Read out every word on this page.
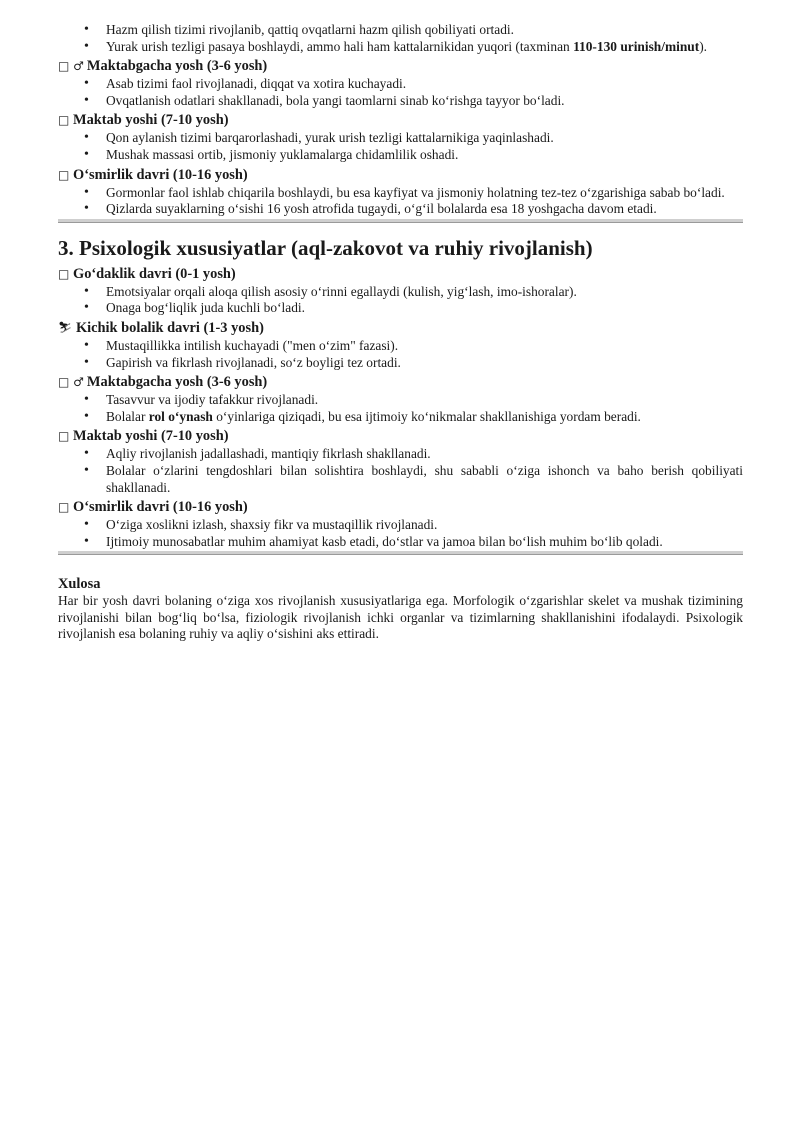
• Hazm qilish tizimi rivojlanib, qattiq ovqatlarni hazm qilish qobiliyati ortadi.
• Yurak urish tezligi pasaya boshlaydi, ammo hali ham kattalarnikidan yuqori (taxminan 110-130 urinish/minut).
□ ♂ Maktabgacha yosh (3-6 yosh)
• Asab tizimi faol rivojlanadi, diqqat va xotira kuchayadi.
• Ovqatlanish odatlari shakllanadi, bola yangi taomlarni sinab koʻrishga tayyor boʻladi.
□ Maktab yoshi (7-10 yosh)
• Qon aylanish tizimi barqarorlashadi, yurak urish tezligi kattalarnikiga yaqinlashadi.
• Mushak massasi ortib, jismoniy yuklamalarga chidamlilik oshadi.
□ Oʻsmirlik davri (10-16 yosh)
• Gormonlar faol ishlab chiqarila boshlaydi, bu esa kayfiyat va jismoniy holatning tez-tez oʻzgarishiga sabab boʻladi.
• Qizlarda suyaklarning oʻsishi 16 yosh atrofida tugaydi, oʻgʻil bolalarda esa 18 yoshgacha davom etadi.
3. Psixologik xususiyatlar (aql-zakovot va ruhiy rivojlanish)
□ Goʻdaklik davri (0-1 yosh)
• Emotsiyalar orqali aloqa qilish asosiy oʻrinni egallaydi (kulish, yigʻlash, imo-ishoralar).
• Onaga bogʻliqlik juda kuchli boʻladi.
⛷ Kichik bolalik davri (1-3 yosh)
• Mustaqillikka intilish kuchayadi ("men oʻzim" fazasi).
• Gapirish va fikrlash rivojlanadi, soʻz boyligi tez ortadi.
□ ♂ Maktabgacha yosh (3-6 yosh)
• Tasavvur va ijodiy tafakkur rivojlanadi.
• Bolalar rol oʻynash oʻyinlariga qiziqadi, bu esa ijtimoiy koʻnikmalar shakllanishiga yordam beradi.
□ Maktab yoshi (7-10 yosh)
• Aqliy rivojlanish jadallashadi, mantiqiy fikrlash shakllanadi.
• Bolalar oʻzlarini tengdoshlari bilan solishtira boshlaydi, shu sababli oʻziga ishonch va baho berish qobiliyati shakllanadi.
□ Oʻsmirlik davri (10-16 yosh)
• Oʻziga xoslikni izlash, shaxsiy fikr va mustaqillik rivojlanadi.
• Ijtimoiy munosabatlar muhim ahamiyat kasb etadi, doʻstlar va jamoa bilan boʻlish muhim boʻlib qoladi.
Xulosa
Har bir yosh davri bolaning oʻziga xos rivojlanish xususiyatlariga ega. Morfologik oʻzgarishlar skelet va mushak tizimining rivojlanishi bilan bogʻliq boʻlsa, fiziologik rivojlanish ichki organlar va tizimlarning shakllanishini ifodalaydi. Psixologik rivojlanish esa bolaning ruhiy va aqliy oʻsishini aks ettiradi.
